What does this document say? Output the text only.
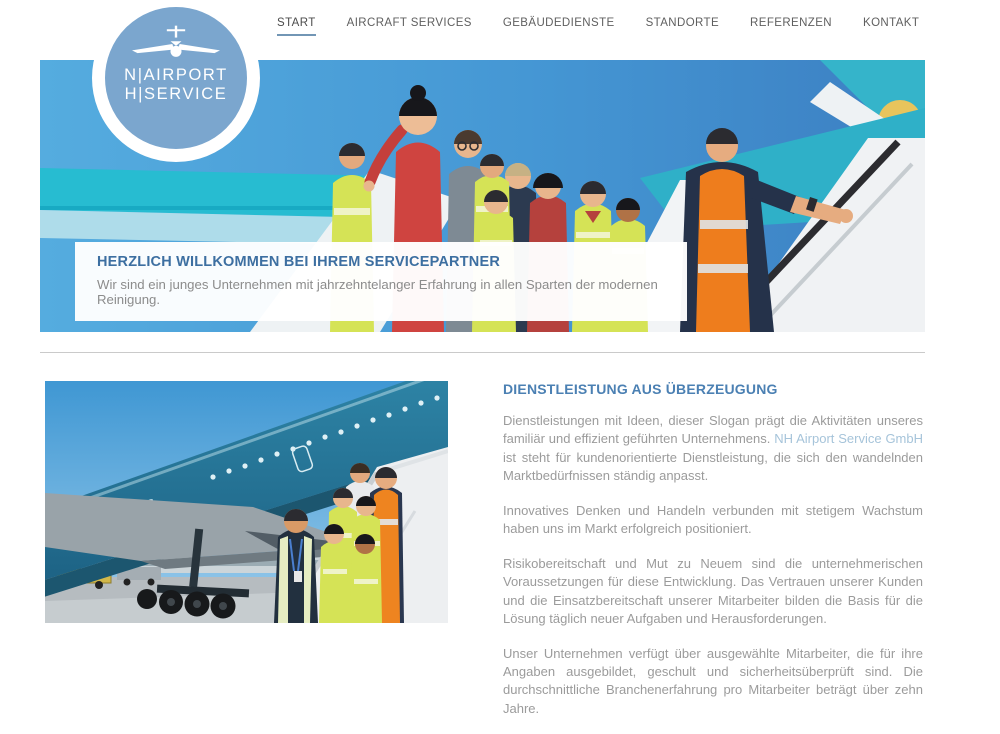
START	AIRCRAFT SERVICES	GEBÄUDEDIENSTE	STANDORTE	REFERENZEN	KONTAKT
N|AIRPORT
H|SERVICE
HERZLICH WILLKOMMEN BEI IHREM SERVICEPARTNER

Wir sind ein junges Unternehmen mit jahrzehntelanger Erfahrung in allen Sparten der modernen Reinigung.

DIENSTLEISTUNG AUS ÜBERZEUGUNG

Dienstleistungen mit Ideen, dieser Slogan prägt die Aktivitäten unseres familiär und effizient geführten Unternehmens. NH Airport Service GmbH ist steht für kundenorientierte Dienstleistung, die sich den wandelnden Marktbedürfnissen ständig anpasst.

Innovatives Denken und Handeln verbunden mit stetigem Wachstum haben uns im Markt erfolgreich positioniert.

Risikobereitschaft und Mut zu Neuem sind die unternehmerischen Voraussetzungen für diese Entwicklung. Das Vertrauen unserer Kunden und die Einsatzbereitschaft unserer Mitarbeiter bilden die Basis für die Lösung täglich neuer Aufgaben und Herausforderungen.

Unser Unternehmen verfügt über ausgewählte Mitarbeiter, die für ihre Angaben ausgebildet, geschult und sicherheitsüberprüft sind. Die durchschnittliche Branchenerfahrung pro Mitarbeiter beträgt über zehn Jahre.
